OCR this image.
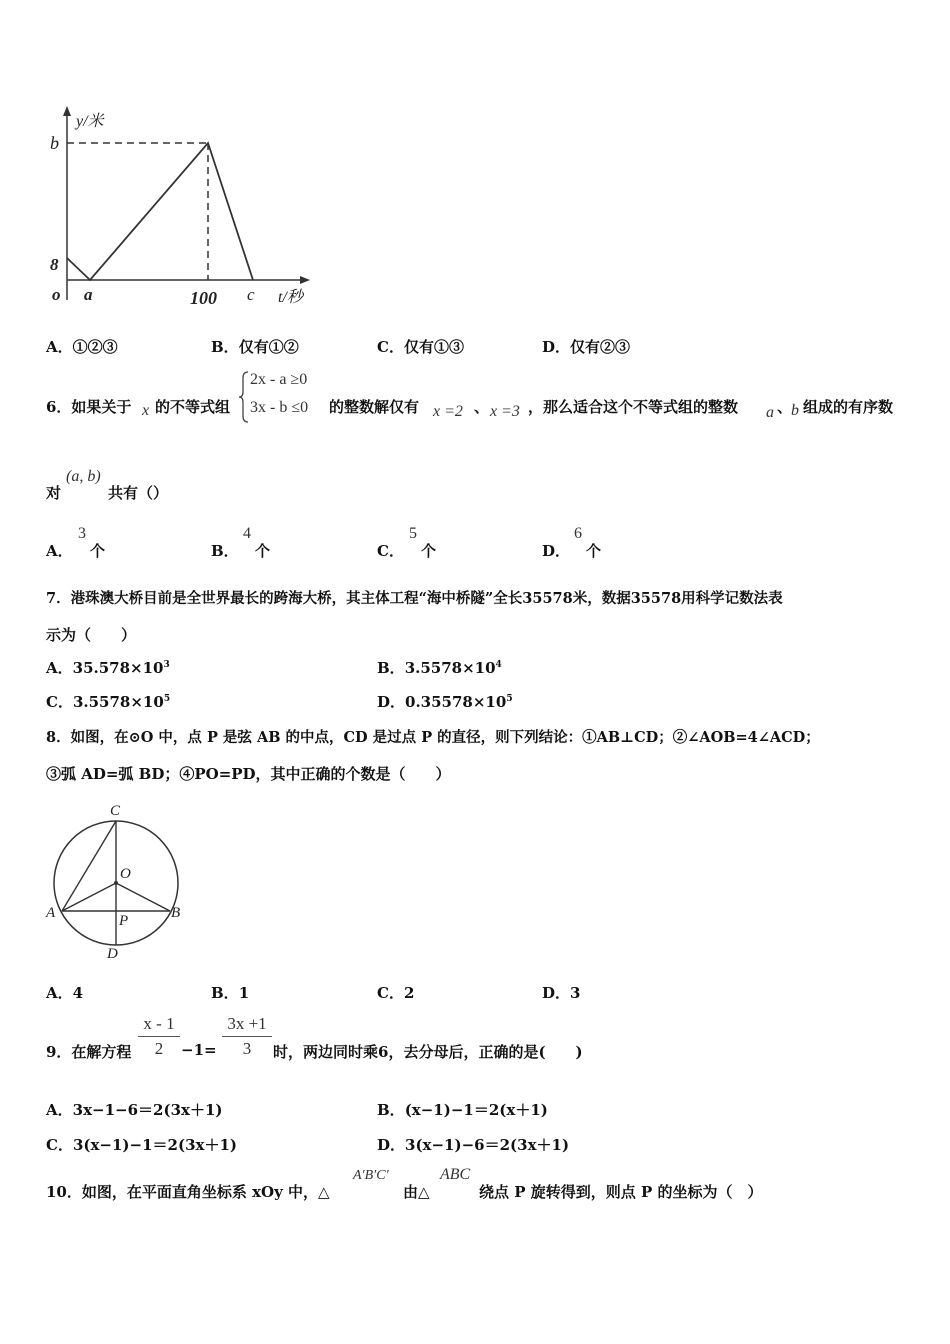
y/米
b
8
o a	100 c t/秒
A．①②③	B．仅有①②	C．仅有①③	D．仅有②③
6．如果关于 x 的不等式组
2x - a ≥0
3x - b ≤0 的整数解仅有 x =2 、 x =3 ，那么适合这个不等式组的整数 a 、
b 组成的有序数
对
(a, b)
共有（）
A．
3
个	B．
4
个	C．
5
个	D．
6
个
7．港珠澳大桥目前是全世界最长的跨海大桥，其主体工程“海中桥隧”全长35578米，数据35578用科学记数法表
示为（　　）
A．$35.578\times 10^3$	B．$3.5578\times 10^4$
C．$3.5578\times 10^5$	D．$0.35578\times 10^5$
8．如图，在⊙O 中，点 P 是弦 AB 的中点，CD 是过点 P 的直径，则下列结论：①AB⊥CD；②∠AOB=4∠ACD；
③弧 AD=弧 BD；④PO=PD，其中正确的个数是（　　）
C
O
A	B
P
D
A．4	B．1	C．2	D．3
9．在解方程
x - 1
2	−1=
3x +1
3	时，两边同时乘6，去分母后，正确的是(　　)
A．3x−1−6＝2(3x＋1)	B．(x−1)−1＝2(x＋1)
C．3(x−1)−1＝2(3x＋1)	D．3(x−1)−6＝2(3x＋1)
10．如图，在平面直角坐标系 xOy 中，△
A′B′C′
由△
ABC
绕点 P 旋转得到，则点 P 的坐标为（　）
